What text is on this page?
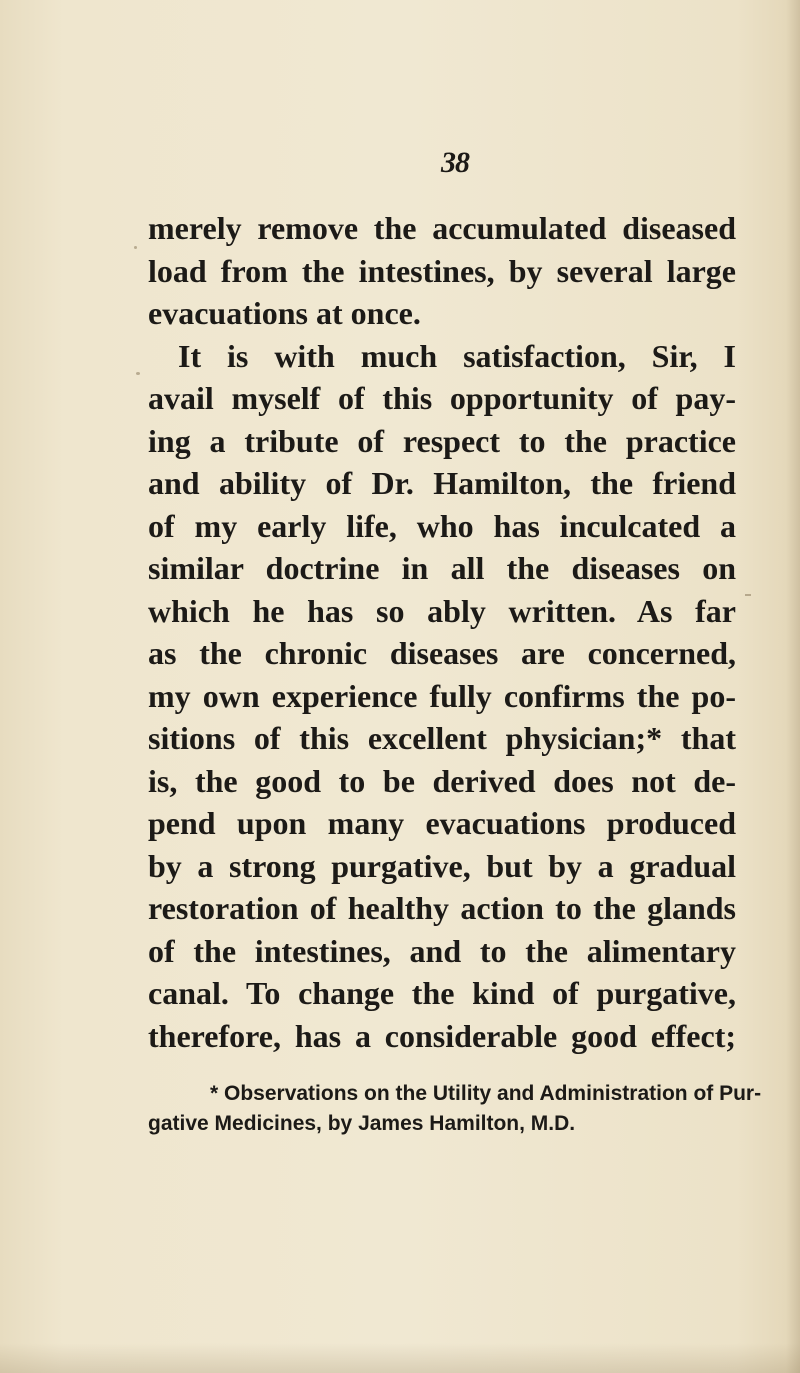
38
merely remove the accumulated diseased
load from the intestines, by several large
evacuations at once.
It is with much satisfaction, Sir, I
avail myself of this opportunity of pay-
ing a tribute of respect to the practice
and ability of Dr. Hamilton, the friend
of my early life, who has inculcated a
similar doctrine in all the diseases on
which he has so ably written. As far
as the chronic diseases are concerned,
my own experience fully confirms the po-
sitions of this excellent physician;* that
is, the good to be derived does not de-
pend upon many evacuations produced
by a strong purgative, but by a gradual
restoration of healthy action to the glands
of the intestines, and to the alimentary
canal. To change the kind of purgative,
therefore, has a considerable good effect;
* Observations on the Utility and Administration of Pur-
gative Medicines, by James Hamilton, M.D.
